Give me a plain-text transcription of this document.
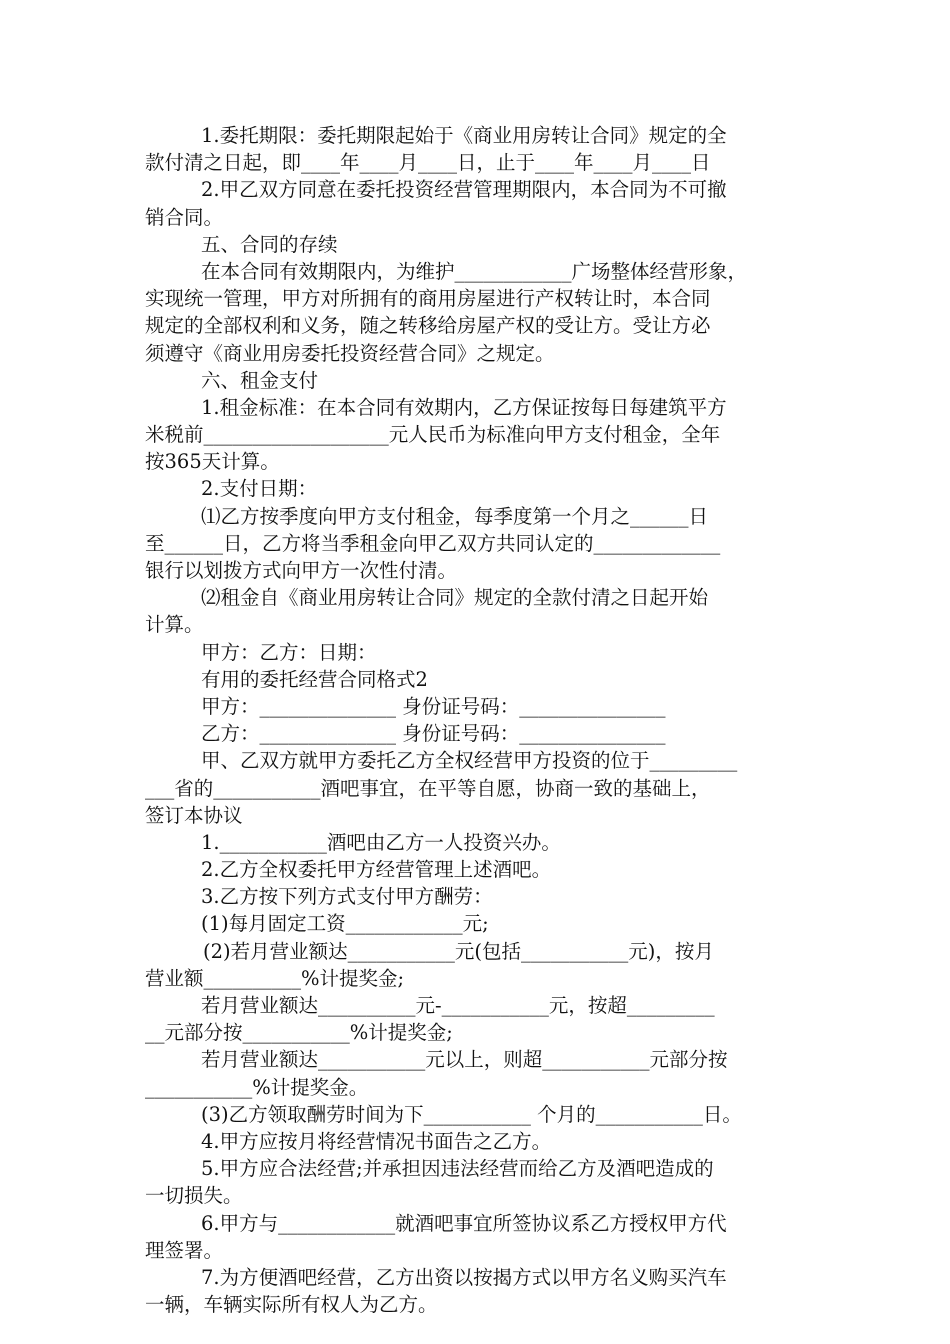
1.委托期限：委托期限起始于《商业用房转让合同》规定的全
款付清之日起，即____年____月____日，止于____年____月____日
2.甲乙双方同意在委托投资经营管理期限内，本合同为不可撤
销合同。
五、合同的存续
在本合同有效期限内，为维护____________广场整体经营形象，
实现统一管理，甲方对所拥有的商用房屋进行产权转让时，本合同
规定的全部权利和义务，随之转移给房屋产权的受让方。受让方必
须遵守《商业用房委托投资经营合同》之规定。
六、租金支付
1.租金标准：在本合同有效期内，乙方保证按每日每建筑平方
米税前___________________元人民币为标准向甲方支付租金，全年
按365天计算。
2.支付日期：
⑴乙方按季度向甲方支付租金，每季度第一个月之______日
至______日，乙方将当季租金向甲乙双方共同认定的_____________
银行以划拨方式向甲方一次性付清。
⑵租金自《商业用房转让合同》规定的全款付清之日起开始
计算。
甲方：乙方：日期：
有用的委托经营合同格式2
甲方：______________ 身份证号码：_______________
乙方：______________ 身份证号码：_______________
甲、乙双方就甲方委托乙方全权经营甲方投资的位于_________
___省的___________酒吧事宜，在平等自愿，协商一致的基础上，
签订本协议
1.___________酒吧由乙方一人投资兴办。
2.乙方全权委托甲方经营管理上述酒吧。
3.乙方按下列方式支付甲方酬劳：
(1)每月固定工资____________元;
(2)若月营业额达___________元(包括___________元)，按月
营业额__________%计提奖金;
若月营业额达__________元-___________元，按超_________
__元部分按___________%计提奖金;
若月营业额达___________元以上，则超___________元部分按
___________%计提奖金。
(3)乙方领取酬劳时间为下___________ 个月的___________日。
4.甲方应按月将经营情况书面告之乙方。
5.甲方应合法经营;并承担因违法经营而给乙方及酒吧造成的
一切损失。
6.甲方与____________就酒吧事宜所签协议系乙方授权甲方代
理签署。
7.为方便酒吧经营，乙方出资以按揭方式以甲方名义购买汽车
一辆，车辆实际所有权人为乙方。
